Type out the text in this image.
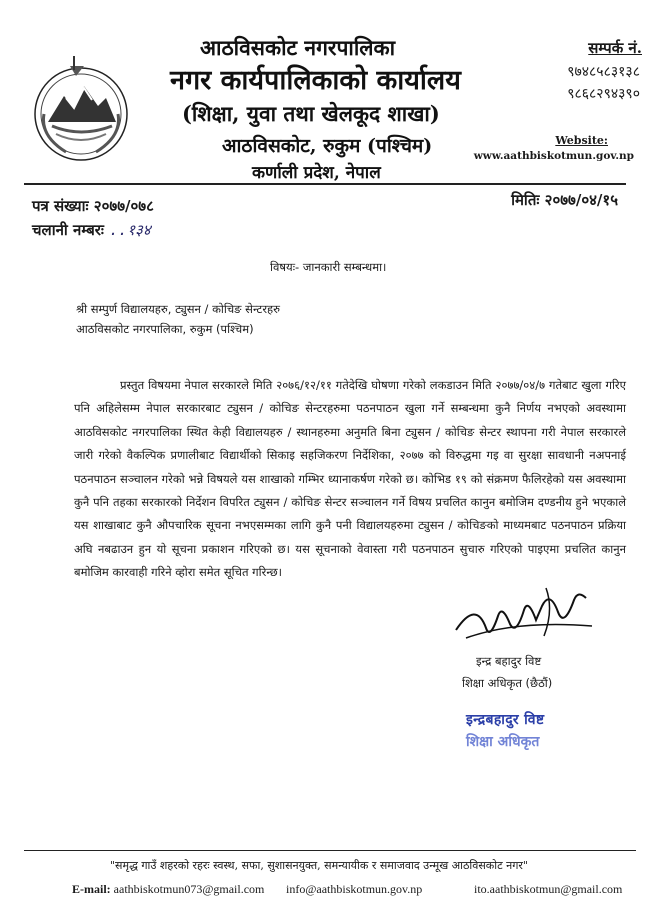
आठविसकोट नगरपालिका
नगर कार्यपालिकाको कार्यालय
(शिक्षा, युवा तथा खेलकूद शाखा)
आठविसकोट, रुकुम (पश्चिम)
कर्णाली प्रदेश, नेपाल
सम्पर्क नं.
९७४८५८३१३८
९८६८२९४३९०
Website:
www.aathbiskotmun.gov.np
पत्र संख्याः २०७७/०७८
चलानी नम्बरः ..१३४
मितिः २०७७/०४/१५
विषयः- जानकारी सम्बन्धमा।
श्री सम्पुर्ण विद्यालयहरु, ट्युसन / कोचिङ सेन्टरहरु
आठविसकोट नगरपालिका, रुकुम (पश्चिम)
प्रस्तुत विषयमा नेपाल सरकारले मिति २०७६/१२/११ गतेदेखि घोषणा गरेको लकडाउन मिति २०७७/०४/७ गतेबाट खुला गरिए पनि अहिलेसम्म नेपाल सरकारबाट ट्युसन / कोचिङ सेन्टरहरुमा पठनपाठन खुला गर्ने सम्बन्धमा कुनै निर्णय नभएको अवस्थामा आठविसकोट नगरपालिका स्थित केही विद्यालयहरु / स्थानहरुमा अनुमति बिना ट्युसन / कोचिङ सेन्टर स्थापना गरी नेपाल सरकारले जारी गरेको वैकल्पिक प्रणालीबाट विद्यार्थीको सिकाइ सहजिकरण निर्देशिका, २०७७ को विरुद्धमा गइ वा सुरक्षा सावधानी नअपनाई पठनपाठन सञ्चालन गरेको भन्ने विषयले यस शाखाको गम्भिर ध्यानाकर्षण गरेको छ। कोभिड १९ को संक्रमण फैलिरहेको यस अवस्थामा कुनै पनि तहका सरकारको निर्देशन विपरित ट्युसन / कोचिङ सेन्टर सञ्चालन गर्ने विषय प्रचलित कानुन बमोजिम दण्डनीय हुने भएकाले यस शाखाबाट कुनै औपचारिक सूचना नभएसम्मका लागि कुनै पनी विद्यालयहरुमा ट्युसन / कोचिङको माध्यमबाट पठनपाठन प्रक्रिया अघि नबढाउन हुन यो सूचना प्रकाशन गरिएको छ। यस सूचनाको वेवास्ता गरी पठनपाठन सुचारु गरिएको पाइएमा प्रचलित कानुन बमोजिम कारवाही गरिने व्होरा समेत सूचित गरिन्छ।
इन्द्र बहादुर विष्ट
शिक्षा अधिकृत (छैठौं)
इन्द्रबहादुर विष्ट
शिक्षा अधिकृत
"समृद्ध गाउँ शहरको रहरः स्वस्थ, सफा, सुशासनयुक्त, समन्यायीक र समाजवाद उन्मूख आठविसकोट नगर"
E-mail: aathbiskotmun073@gmail.com info@aathbiskotmun.gov.np	ito.aathbiskotmun@gmail.com
